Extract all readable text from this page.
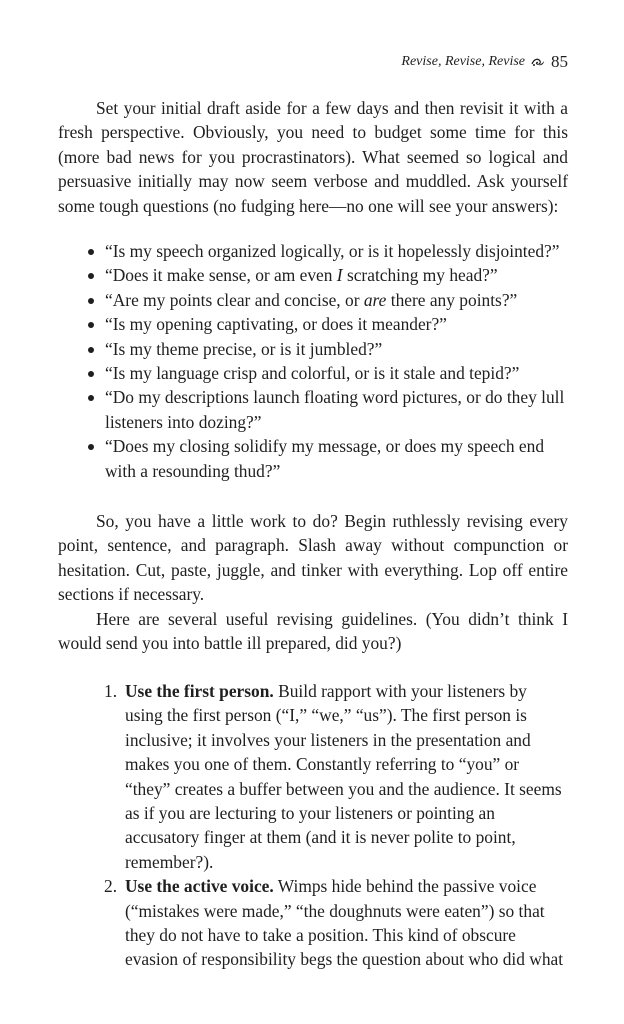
Revise, Revise, Revise 85

Set your initial draft aside for a few days and then revisit it with a fresh perspective. Obviously, you need to budget some time for this (more bad news for you procrastinators). What seemed so logical and persuasive initially may now seem verbose and muddled. Ask yourself some tough questions (no fudging here—no one will see your answers):

“Is my speech organized logically, or is it hopelessly disjointed?”
“Does it make sense, or am even I scratching my head?”
“Are my points clear and concise, or are there any points?”
“Is my opening captivating, or does it meander?”
“Is my theme precise, or is it jumbled?”
“Is my language crisp and colorful, or is it stale and tepid?”
“Do my descriptions launch floating word pictures, or do they lull listeners into dozing?”
“Does my closing solidify my message, or does my speech end with a resounding thud?”

So, you have a little work to do? Begin ruthlessly revising every point, sentence, and paragraph. Slash away without compunction or hesitation. Cut, paste, juggle, and tinker with everything. Lop off entire sections if necessary.

Here are several useful revising guidelines. (You didn’t think I would send you into battle ill prepared, did you?)

1. Use the first person. Build rapport with your listeners by using the first person (“I,” “we,” “us”). The first person is inclusive; it involves your listeners in the presentation and makes you one of them. Constantly referring to “you” or “they” creates a buffer between you and the audience. It seems as if you are lecturing to your listeners or pointing an accusatory finger at them (and it is never polite to point, remember?).
2. Use the active voice. Wimps hide behind the passive voice (“mistakes were made,” “the doughnuts were eaten”) so that they do not have to take a position. This kind of obscure evasion of responsibility begs the question about who did what
